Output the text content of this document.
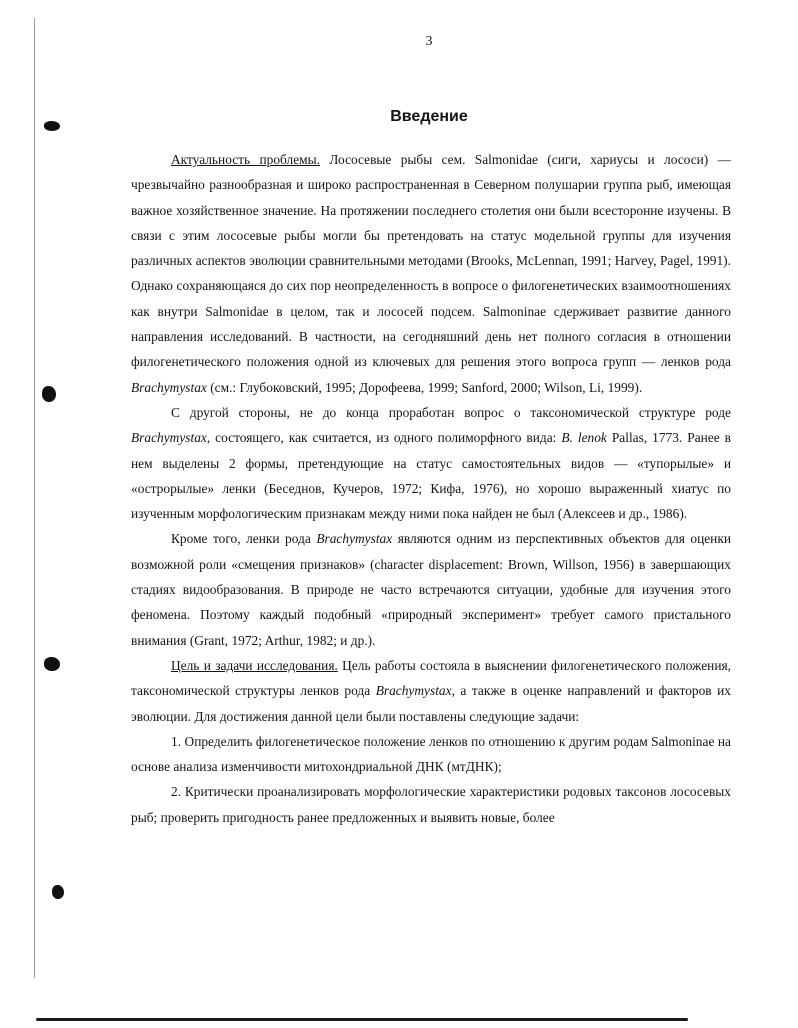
3
Введение

Актуальность проблемы. Лососевые рыбы сем. Salmonidae (сиги, хариусы и лососи) — чрезвычайно разнообразная и широко распространенная в Северном полушарии группа рыб, имеющая важное хозяйственное значение. На протяжении последнего столетия они были всесторонне изучены. В связи с этим лососевые рыбы могли бы претендовать на статус модельной группы для изучения различных аспектов эволюции сравнительными методами (Brooks, McLennan, 1991; Harvey, Pagel, 1991). Однако сохраняющаяся до сих пор неопределенность в вопросе о филогенетических взаимоотношениях как внутри Salmonidae в целом, так и лососей подсем. Salmoninae сдерживает развитие данного направления исследований. В частности, на сегодняшний день нет полного согласия в отношении филогенетического положения одной из ключевых для решения этого вопроса групп — ленков рода Brachymystax (см.: Глубоковский, 1995; Дорофеева, 1999; Sanford, 2000; Wilson, Li, 1999).

С другой стороны, не до конца проработан вопрос о таксономической структуре роде Brachymystax, состоящего, как считается, из одного полиморфного вида: B. lenok Pallas, 1773. Ранее в нем выделены 2 формы, претендующие на статус самостоятельных видов — «тупорылые» и «острорылые» ленки (Беседнов, Кучеров, 1972; Кифа, 1976), но хорошо выраженный хиатус по изученным морфологическим признакам между ними пока найден не был (Алексеев и др., 1986).

Кроме того, ленки рода Brachymystax являются одним из перспективных объектов для оценки возможной роли «смещения признаков» (character displacement: Brown, Willson, 1956) в завершающих стадиях видообразования. В природе не часто встречаются ситуации, удобные для изучения этого феномена. Поэтому каждый подобный «природный эксперимент» требует самого пристального внимания (Grant, 1972; Arthur, 1982; и др.).

Цель и задачи исследования. Цель работы состояла в выяснении филогенетического положения, таксономической структуры ленков рода Brachymystax, а также в оценке направлений и факторов их эволюции. Для достижения данной цели были поставлены следующие задачи:

1. Определить филогенетическое положение ленков по отношению к другим родам Salmoninae на основе анализа изменчивости митохондриальной ДНК (мтДНК);

2. Критически проанализировать морфологические характеристики родовых таксонов лососевых рыб; проверить пригодность ранее предложенных и выявить новые, более
